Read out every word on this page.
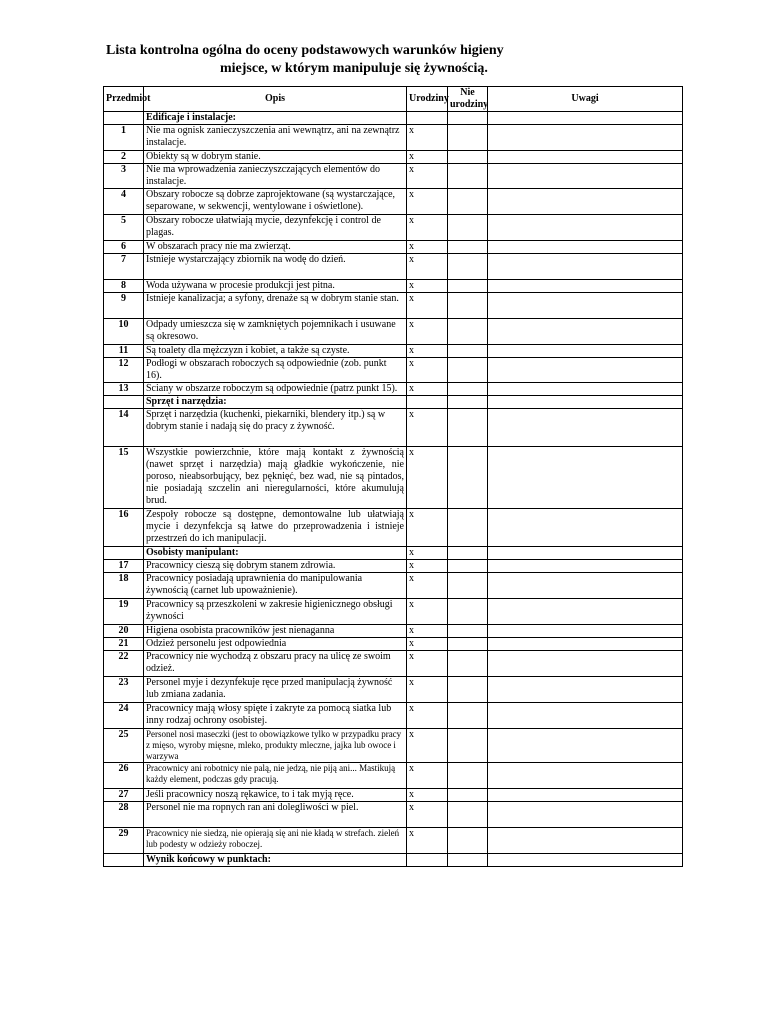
Lista kontrolna ogólna do oceny podstawowych warunków higieny
miejsce, w którym manipuluje się żywnością.
Przedmiot	Opis	Urodziny	Nie urodziny	Uwagi
	Edificaje i instalacje:			
1	Nie ma ognisk zanieczyszczenia ani wewnątrz, ani na zewnątrz instalacje.	x		
2	Obiekty są w dobrym stanie.	x		
3	Nie ma wprowadzenia zanieczyszczających elementów do instalacje.	x		
4	Obszary robocze są dobrze zaprojektowane (są wystarczające, separowane, w sekwencji, wentylowane i oświetlone).	x		
5	Obszary robocze ułatwiają mycie, dezynfekcję i control de plagas.	x		
6	W obszarach pracy nie ma zwierząt.	x		
7	Istnieje wystarczający zbiornik na wodę do dzień.	x		
8	Woda używana w procesie produkcji jest pitna.	x		
9	Istnieje kanalizacja; a syfony, drenaże są w dobrym stanie stan.	x		
10	Odpady umieszcza się w zamkniętych pojemnikach i usuwane są okresowo.	x		
11	Są toalety dla mężczyzn i kobiet, a także są czyste.	x		
12	Podłogi w obszarach roboczych są odpowiednie (zob. punkt 16).	x		
13	Ściany w obszarze roboczym są odpowiednie (patrz punkt 15).	x		
	Sprzęt i narzędzia:			
14	Sprzęt i narzędzia (kuchenki, piekarniki, blendery itp.) są w dobrym stanie i nadają się do pracy z żywność.	x		
15	Wszystkie powierzchnie, które mają kontakt z żywnością (nawet sprzęt i narzędzia) mają gładkie wykończenie, nie poroso, nieabsorbujący, bez pęknięć, bez wad, nie są pintados, nie posiadają szczelin ani nieregularności, które akumulują brud.	x		
16	Zespoły robocze są dostępne, demontowalne lub ułatwiają mycie i dezynfekcja są łatwe do przeprowadzenia i istnieje przestrzeń do ich manipulacji.	x		
	Osobisty manipulant:	x		
17	Pracownicy cieszą się dobrym stanem zdrowia.	x		
18	Pracownicy posiadają uprawnienia do manipulowania żywnością (carnet lub upoważnienie).	x		
19	Pracownicy są przeszkoleni w zakresie higienicznego obsługi żywności	x		
20	Higiena osobista pracowników jest nienaganna	x		
21	Odzież personelu jest odpowiednia	x		
22	Pracownicy nie wychodzą z obszaru pracy na ulicę ze swoim odzież.	x		
23	Personel myje i dezynfekuje ręce przed manipulacją żywność lub zmiana zadania.	x		
24	Pracownicy mają włosy spięte i zakryte za pomocą siatka lub inny rodzaj ochrony osobistej.	x		
25	Personel nosi maseczki (jest to obowiązkowe tylko w przypadku pracy z mięso, wyroby mięsne, mleko, produkty mleczne, jajka lub owoce i warzywa	x		
26	Pracownicy ani robotnicy nie palą, nie jedzą, nie piją ani... Mastikują każdy element, podczas gdy pracują.	x		
27	Jeśli pracownicy noszą rękawice, to i tak myją ręce.	x		
28	Personel nie ma ropnych ran ani dolegliwości w piel.	x		
29	Pracownicy nie siedzą, nie opierają się ani nie kładą w strefach. zieleń lub podesty w odzieży roboczej.	x		
	Wynik końcowy w punktach:			
